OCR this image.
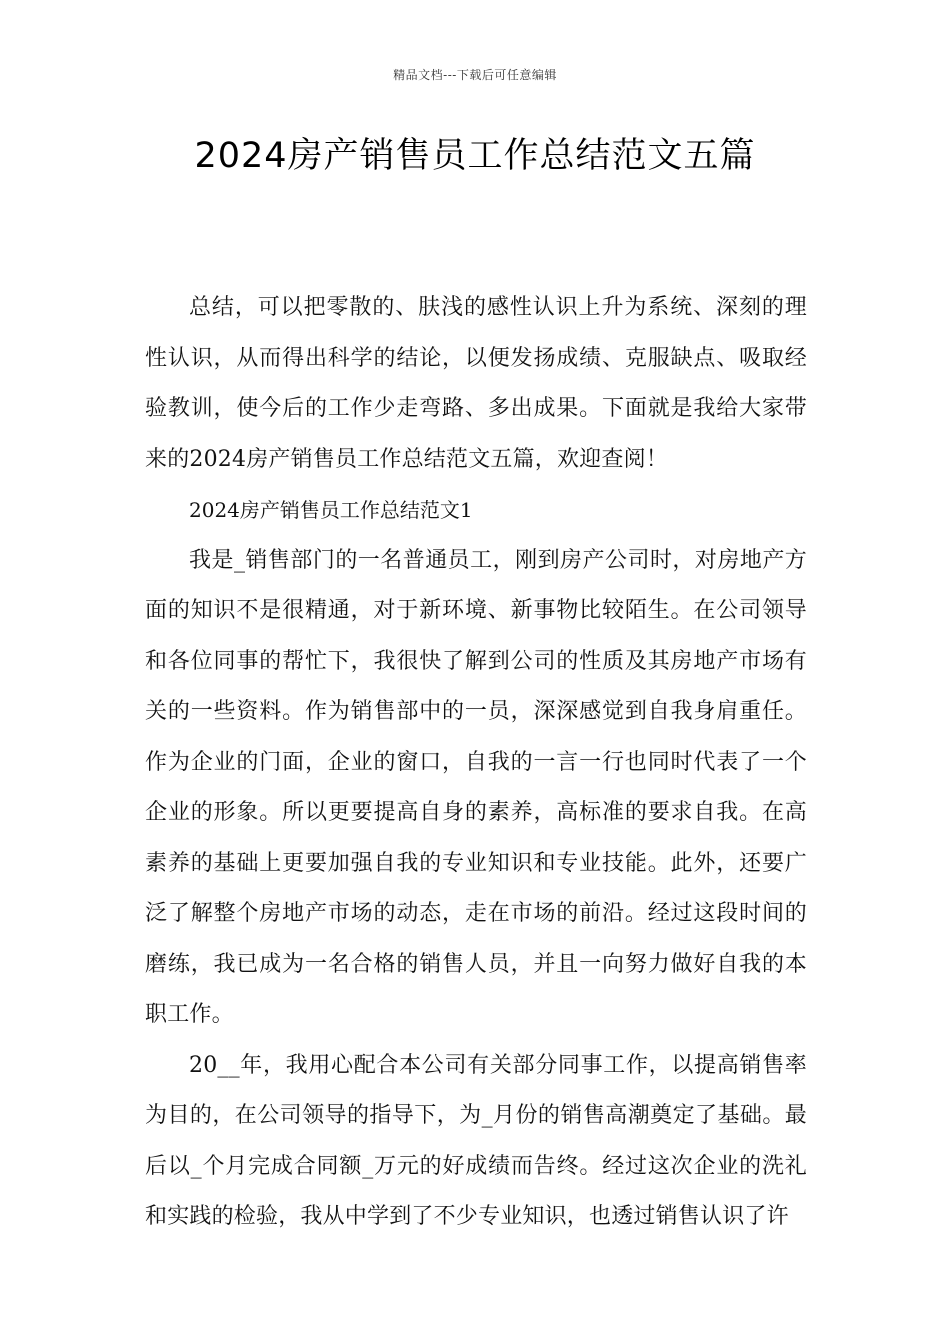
精品文档---下载后可任意编辑
2024房产销售员工作总结范文五篇

总结，可以把零散的、肤浅的感性认识上升为系统、深刻的理性认识，从而得出科学的结论，以便发扬成绩、克服缺点、吸取经验教训，使今后的工作少走弯路、多出成果。下面就是我给大家带来的2024房产销售员工作总结范文五篇，欢迎查阅！

2024房产销售员工作总结范文1

我是_销售部门的一名普通员工，刚到房产公司时，对房地产方面的知识不是很精通，对于新环境、新事物比较陌生。在公司领导和各位同事的帮忙下，我很快了解到公司的性质及其房地产市场有关的一些资料。作为销售部中的一员，深深感觉到自我身肩重任。作为企业的门面，企业的窗口，自我的一言一行也同时代表了一个企业的形象。所以更要提高自身的素养，高标准的要求自我。在高素养的基础上更要加强自我的专业知识和专业技能。此外，还要广泛了解整个房地产市场的动态，走在市场的前沿。经过这段时间的磨练，我已成为一名合格的销售人员，并且一向努力做好自我的本职工作。

20__年，我用心配合本公司有关部分同事工作，以提高销售率为目的，在公司领导的指导下，为_月份的销售高潮奠定了基础。最后以_个月完成合同额_万元的好成绩而告终。经过这次企业的洗礼和实践的检验，我从中学到了不少专业知识，也透过销售认识了许
